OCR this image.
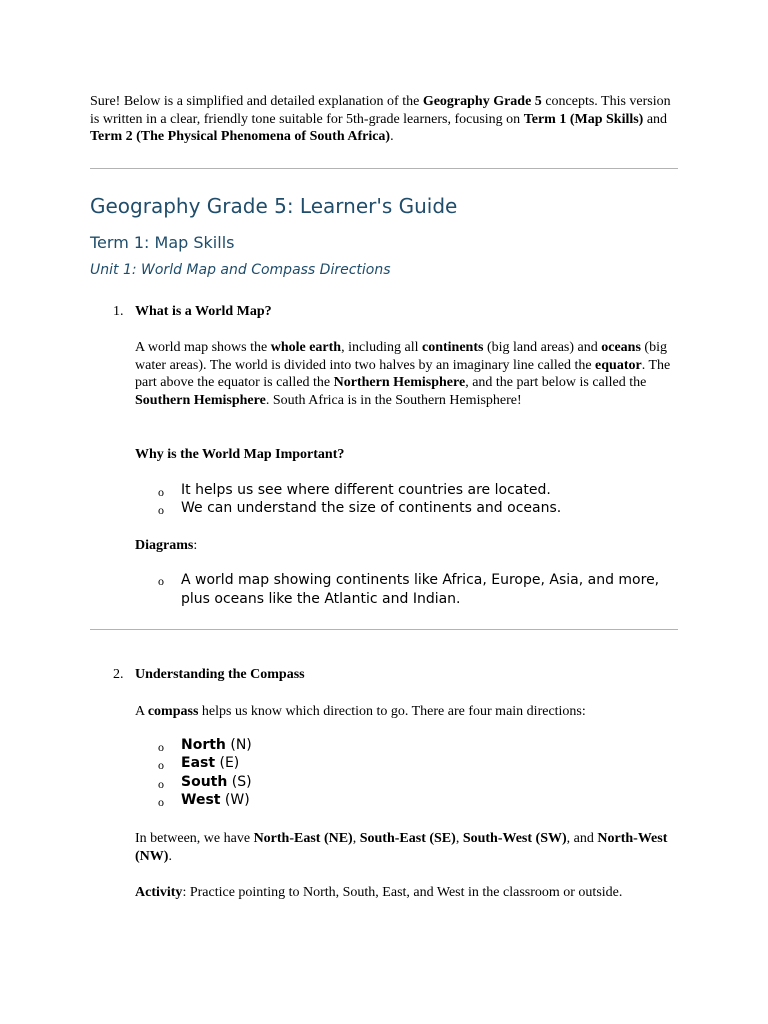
Sure! Below is a simplified and detailed explanation of the Geography Grade 5 concepts. This version is written in a clear, friendly tone suitable for 5th-grade learners, focusing on Term 1 (Map Skills) and Term 2 (The Physical Phenomena of South Africa).

Geography Grade 5: Learner's Guide
Term 1: Map Skills
Unit 1: World Map and Compass Directions
1. What is a World Map?

A world map shows the whole earth, including all continents (big land areas) and oceans (big water areas). The world is divided into two halves by an imaginary line called the equator. The part above the equator is called the Northern Hemisphere, and the part below is called the Southern Hemisphere. South Africa is in the Southern Hemisphere!

Why is the World Map Important?

o It helps us see where different countries are located.

o We can understand the size of continents and oceans.

Diagrams:

o A world map showing continents like Africa, Europe, Asia, and more, plus oceans like the Atlantic and Indian.

2. Understanding the Compass

A compass helps us know which direction to go. There are four main directions:

o North (N)

o East (E)

o South (S)

o West (W)

In between, we have North-East (NE), South-East (SE), South-West (SW), and North-West (NW).

Activity: Practice pointing to North, South, East, and West in the classroom or outside.
